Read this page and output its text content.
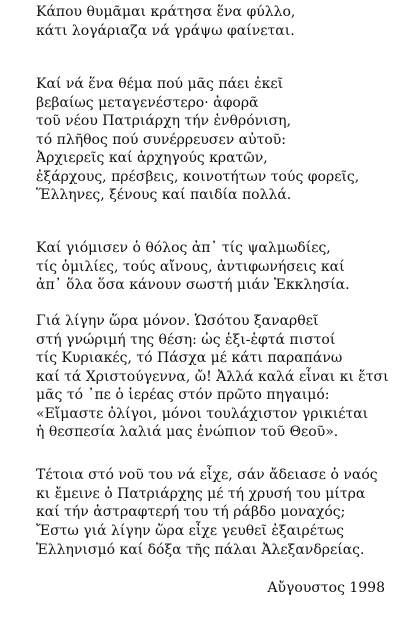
Κάπου θυμᾶμαι κράτησα ἕνα φύλλο,
κάτι λογάριαζα νά γράψω φαίνεται.
Καί νά ἕνα θέμα πού μᾶς πάει ἐκεῖ
βεβαίως μεταγενέστερο· ἀφορᾶ
τοῦ νέου Πατριάρχη τήν ἐνθρόνιση,
τό πλῆθος πού συνέρρευσεν αὐτοῦ:
Ἀρχιερεῖς καί ἀρχηγούς κρατῶν,
ἐξάρχους, πρέσβεις, κοινοτήτων τούς φορεῖς,
Ἕλληνες, ξένους καί παιδία πολλά.
Καί γιόμισεν ὁ θόλος ἀπ᾿ τίς ψαλμωδίες,
τίς ὁμιλίες, τούς αἴνους, ἀντιφωνήσεις καί
ἀπ᾿ ὅλα ὅσα κάνουν σωστή μιάν Ἐκκλησία.
Γιά λίγην ὥρα μόνον. Ὡσότου ξαναρθεῖ
στή γνώριμή της θέση: ὡς ἑξι-ἑφτά πιστοί
τίς Κυριακές, τό Πάσχα μέ κάτι παραπάνω
καί τά Χριστούγεννα, ὤ! Ἀλλά καλά εἶναι κι ἔτσι
μᾶς τό ᾽πε ὁ ἱερέας στόν πρῶτο πηγαιμό:
«Εἴμαστε ὀλίγοι, μόνοι τουλάχιστον γρικιέται
ἡ θεσπεσία λαλιά μας ἐνώπιον τοῦ Θεοῦ».
Τέτοια στό νοῦ του νά εἶχε, σάν ἄδειασε ὁ ναός
κι ἔμεινε ὁ Πατριάρχης μέ τή χρυσή του μίτρα
καί τήν ἀστραφτερή του τή ράβδο μοναχός;
Ἔστω γιά λίγην ὥρα εἶχε γευθεῖ ἐξαιρέτως
Ἑλληνισμό καί δόξα τῆς πάλαι Ἀλεξανδρείας.
Αὔγουστος 1998
